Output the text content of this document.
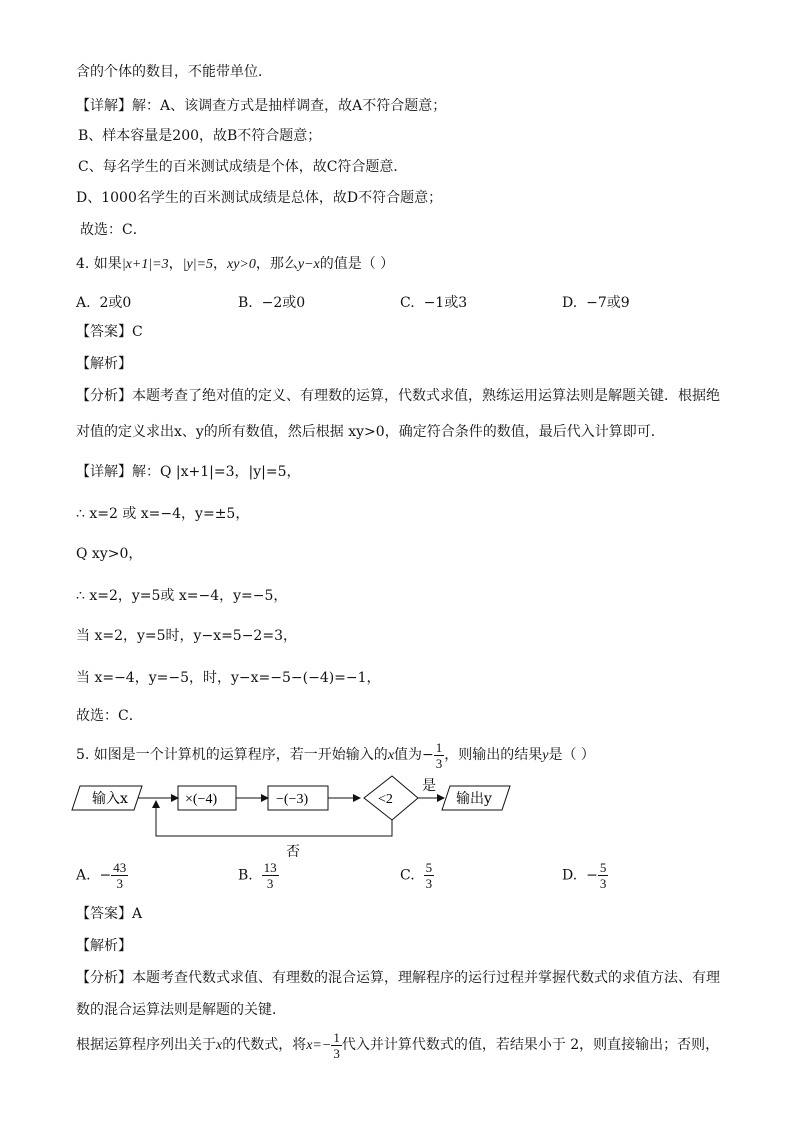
含的个体的数目，不能带单位．
【详解】解：A、该调查方式是抽样调查，故A不符合题意；
B、样本容量是200，故B不符合题意；
C、每名学生的百米测试成绩是个体，故C符合题意．
D、1000名学生的百米测试成绩是总体，故D不符合题意；
故选：C．
4. 如果|x+1|=3，|y|=5，xy>0，那么y−x的值是（ ）
A. 2或0	B. −2或0	C. −1或3	D. −7或9
【答案】C
【解析】
【分析】本题考查了绝对值的定义、有理数的运算，代数式求值，熟练运用运算法则是解题关键．根据绝
对值的定义求出x、y的所有数值，然后根据 xy>0，确定符合条件的数值，最后代入计算即可．
【详解】解：Q |x+1|=3，|y|=5，
∴ x=2 或 x=−4，y=±5，
Q xy>0，
∴ x=2，y=5或 x=−4，y=−5，
当 x=2，y=5时，y−x=5−2=3，
当 x=−4，y=−5，时，y−x=−5−(−4)=−1，
故选：C．
5. 如图是一个计算机的运算程序，若一开始输入的x值为− $\frac{1}{3}$ ，则输出的结果y是（ ）
输入x	×(−4)	−(−3)	<2
是
输出y
否
A. − $\frac{43}{3}$	B. $\frac{13}{3}$	C. $\frac{5}{3}$	D. − $\frac{5}{3}$
【答案】A
【解析】
【分析】本题考查代数式求值、有理数的混合运算，理解程序的运行过程并掌握代数式的求值方法、有理
数的混合运算法则是解题的关键．
根据运算程序列出关于x的代数式，将$x=- \frac{1}{3}$ 代入并计算代数式的值，若结果小于 2，则直接输出；否则，
